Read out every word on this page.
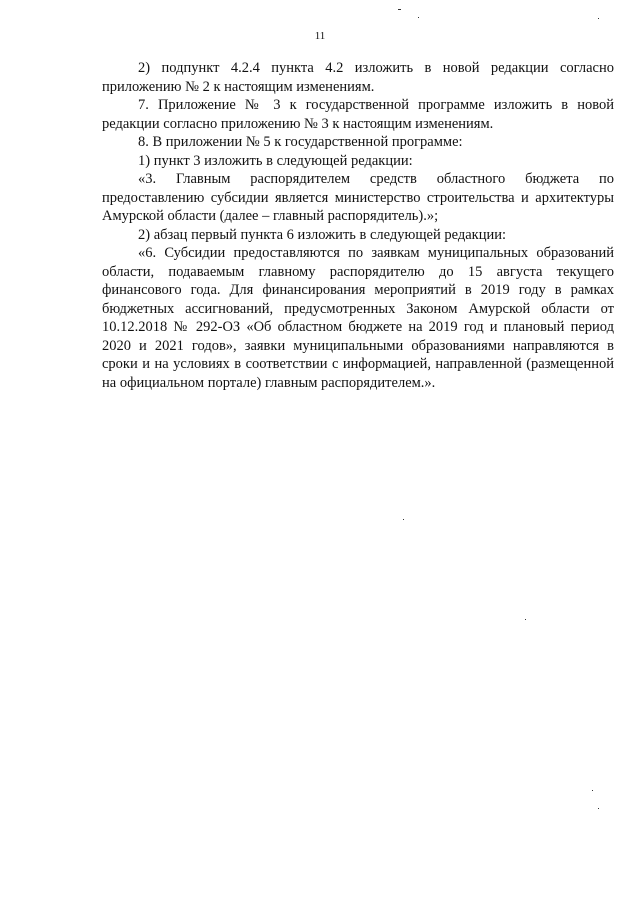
11

2) подпункт 4.2.4 пункта 4.2 изложить в новой редакции согласно приложению № 2 к настоящим изменениям.

7. Приложение № 3 к государственной программе изложить в новой редакции согласно приложению № 3 к настоящим изменениям.

8. В приложении № 5 к государственной программе:

1) пункт 3 изложить в следующей редакции:

«3. Главным распорядителем средств областного бюджета по предоставлению субсидии является министерство строительства и архитектуры Амурской области (далее – главный распорядитель).»;

2) абзац первый пункта 6 изложить в следующей редакции:

«6. Субсидии предоставляются по заявкам муниципальных образований области, подаваемым главному распорядителю до 15 августа текущего финансового года. Для финансирования мероприятий в 2019 году в рамках бюджетных ассигнований, предусмотренных Законом Амурской области от 10.12.2018 № 292-ОЗ «Об областном бюджете на 2019 год и плановый период 2020 и 2021 годов», заявки муниципальными образованиями направляются в сроки и на условиях в соответствии с информацией, направленной (размещенной на официальном портале) главным распорядителем.».
